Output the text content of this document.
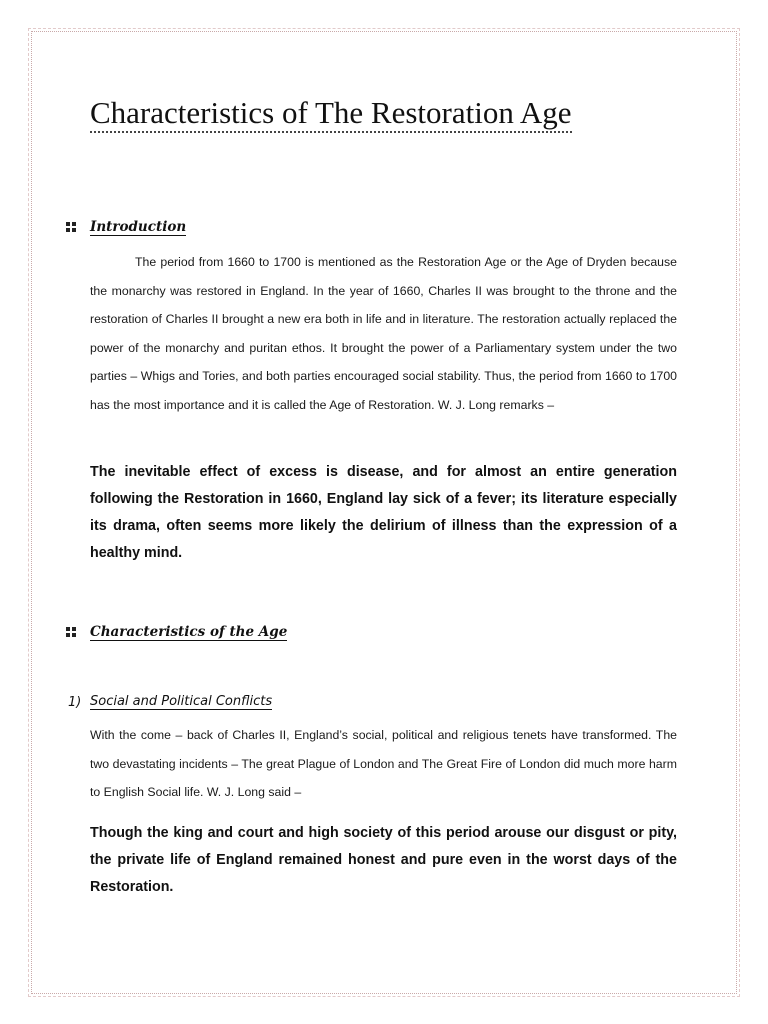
Characteristics of The Restoration Age
Introduction

The period from 1660 to 1700 is mentioned as the Restoration Age or the Age of Dryden because the monarchy was restored in England. In the year of 1660, Charles II was brought to the throne and the restoration of Charles II brought a new era both in life and in literature. The restoration actually replaced the power of the monarchy and puritan ethos. It brought the power of a Parliamentary system under the two parties – Whigs and Tories, and both parties encouraged social stability. Thus, the period from 1660 to 1700 has the most importance and it is called the Age of Restoration. W. J. Long remarks –

The inevitable effect of excess is disease, and for almost an entire generation following the Restoration in 1660, England lay sick of a fever; its literature especially its drama, often seems more likely the delirium of illness than the expression of a healthy mind.

Characteristics of the Age
1) Social and Political Conflicts

With the come – back of Charles II, England’s social, political and religious tenets have transformed. The two devastating incidents – The great Plague of London and The Great Fire of London did much more harm to English Social life. W. J. Long said –

Though the king and court and high society of this period arouse our disgust or pity, the private life of England remained honest and pure even in the worst days of the Restoration.
